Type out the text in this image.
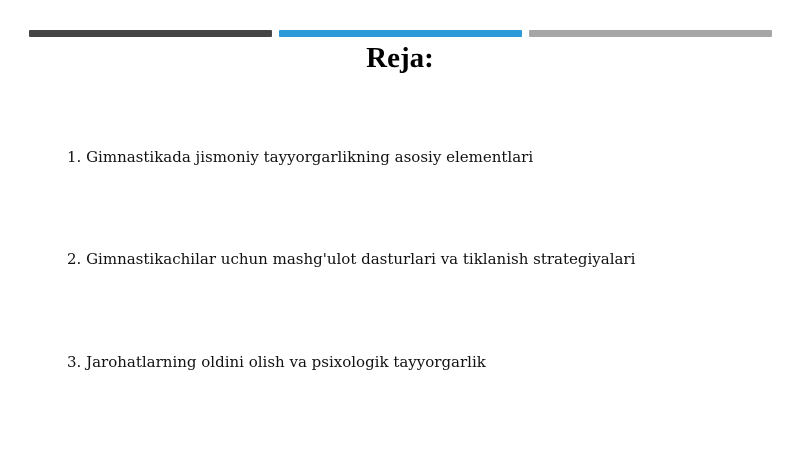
Reja:
1. Gimnastikada jismoniy tayyorgarlikning asosiy elementlari
2. Gimnastikachilar uchun mashg'ulot dasturlari va tiklanish strategiyalari
3. Jarohatlarning oldini olish va psixologik tayyorgarlik
